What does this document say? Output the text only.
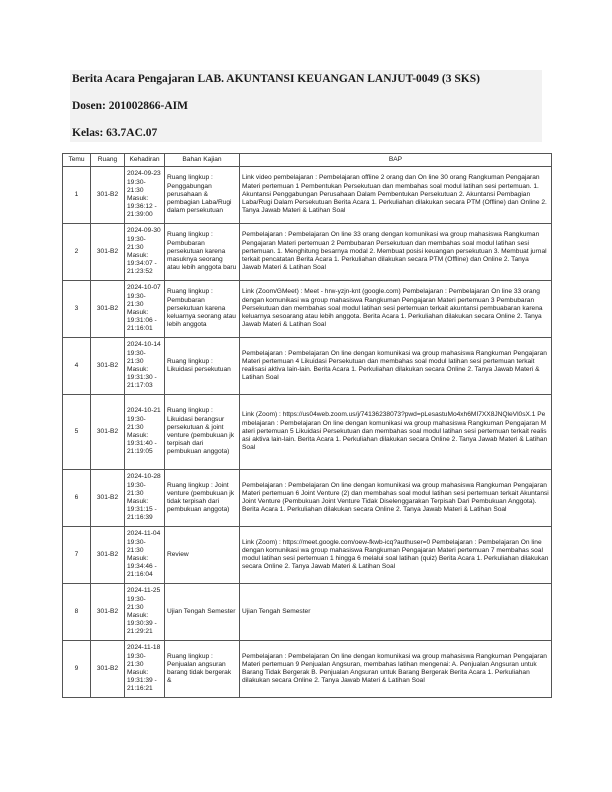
Berita Acara Pengajaran LAB. AKUNTANSI KEUANGAN LANJUT-0049 (3 SKS)
Dosen: 201002866-AIM
Kelas: 63.7AC.07
Temu	Ruang	Kehadiran	Bahan Kajian	BAP
1	301-B2	2024-09-23 19:30-21:30 Masuk: 19:36:12 - 21:39:00	Ruang lingkup : Penggabungan perusahaan & pembagian Laba/Rugi dalam persekutuan	Link video pembelajaran : Pembelajaran offline 2 orang dan On line 30 orang Rangkuman Pengajaran Materi pertemuan 1 Pembentukan Persekutuan dan membahas soal modul latihan sesi pertemuan. 1. Akuntansi Penggabungan Perusahaan Dalam Pembentukan Persekutuan 2. Akuntansi Pembagian Laba/Rugi Dalam Persekutuan Berita Acara 1. Perkuliahan dilakukan secara PTM (Offline) dan Online 2. Tanya Jawab Materi & Latihan Soal
2	301-B2	2024-09-30 19:30-21:30 Masuk: 19:34:07 - 21:23:52	Ruang lingkup : Pembubaran persekutuan karena masuknya seorang atau lebih anggota baru	Pembelajaran : Pembelajaran On line 33 orang dengan komunikasi wa group mahasiswa Rangkuman Pengajaran Materi pertemuan 2 Pembubaran Persekutuan dan membahas soal modul latihan sesi pertemuan. 1. Menghitung besarnya modal 2. Membuat posisi keuangan persekutuan 3. Membuat jurnal terkait pencatatan Berita Acara 1. Perkuliahan dilakukan secara PTM (Offline) dan Online 2. Tanya Jawab Materi & Latihan Soal
3	301-B2	2024-10-07 19:30-21:30 Masuk: 19:31:06 - 21:16:01	Ruang lingkup : Pembubaran persekutuan karena keluarnya seorang atau lebih anggota	Link (Zoom/GMeet) : Meet - hrw-yzjn-knt (google.com) Pembelajaran : Pembelajaran On line 33 orang dengan komunikasi wa group mahasiswa Rangkuman Pengajaran Materi pertemuan 3 Pembubaran Persekutuan dan membahas soal modul latihan sesi pertemuan terkait akuntansi pembuabaran karena keluarnya sesoarang atau lebih anggota. Berita Acara 1. Perkuliahan dilakukan secara Online 2. Tanya Jawab Materi & Latihan Soal
4	301-B2	2024-10-14 19:30-21:30 Masuk: 19:31:30 - 21:17:03	Ruang lingkup : Likuidasi persekutuan	Pembelajaran : Pembelajaran On line dengan komunikasi wa group mahasiswa Rangkuman Pengajaran Materi pertemuan 4 Likuidasi Persekutuan dan membahas soal modul latihan sesi pertemuan terkait realisasi aktiva lain-lain. Berita Acara 1. Perkuliahan dilakukan secara Online 2. Tanya Jawab Materi & Latihan Soal
5	301-B2	2024-10-21 19:30-21:30 Masuk: 19:31:40 - 21:19:05	Ruang lingkup : Likuidasi berangsur persekutuan & joint venture (pembukuan jk terpisah dari pembukuan anggota)	Link (Zoom) : https://us04web.zoom.us/j/74136238073?pwd=pLesastuMo4xh6MI7XX8JNQleVl0sX.1 Pembelajaran : Pembelajaran On line dengan komunikasi wa group mahasiswa Rangkuman Pengajaran Materi pertemuan 5 Likuidasi Persekutuan dan membahas soal modul latihan sesi pertemuan terkait realisasi aktiva lain-lain. Berita Acara 1. Perkuliahan dilakukan secara Online 2. Tanya Jawab Materi & Latihan Soal
6	301-B2	2024-10-28 19:30-21:30 Masuk: 19:31:15 - 21:16:39	Ruang lingkup : Joint venture (pembukuan jk tidak terpisah dari pembukuan anggota)	Pembelajaran : Pembelajaran On line dengan komunikasi wa group mahasiswa Rangkuman Pengajaran Materi pertemuan 6 Joint Venture (2) dan membahas soal modul latihan sesi pertemuan terkait Akuntansi Joint Venture (Pembukuan Joint Venture Tidak Diselenggarakan Terpisah Dari Pembukuan Anggota). Berita Acara 1. Perkuliahan dilakukan secara Online 2. Tanya Jawab Materi & Latihan Soal
7	301-B2	2024-11-04 19:30-21:30 Masuk: 19:34:46 - 21:16:04	Review	Link (Zoom) : https://meet.google.com/oew-fkwb-icq?authuser=0 Pembelajaran : Pembelajaran On line dengan komunikasi wa group mahasiswa Rangkuman Pengajaran Materi pertemuan 7 membahas soal modul latihan sesi pertemuan 1 hingga 6 melalui soal latihan (quiz) Berita Acara 1. Perkuliahan dilakukan secara Online 2. Tanya Jawab Materi & Latihan Soal
8	301-B2	2024-11-25 19:30-21:30 Masuk: 19:30:39 - 21:29:21	Ujian Tengah Semester	Ujian Tengah Semester
9	301-B2	2024-11-18 19:30-21:30 Masuk: 19:31:39 - 21:16:21	Ruang lingkup : Penjualan angsuran barang tidak bergerak &	Pembelajaran : Pembelajaran On line dengan komunikasi wa group mahasiswa Rangkuman Pengajaran Materi pertemuan 9 Penjualan Angsuran, membahas latihan mengenai: A. Penjualan Angsuran untuk Barang Tidak Bergerak B. Penjualan Angsuran untuk Barang Bergerak Berita Acara 1. Perkuliahan dilakukan secara Online 2. Tanya Jawab Materi & Latihan Soal
